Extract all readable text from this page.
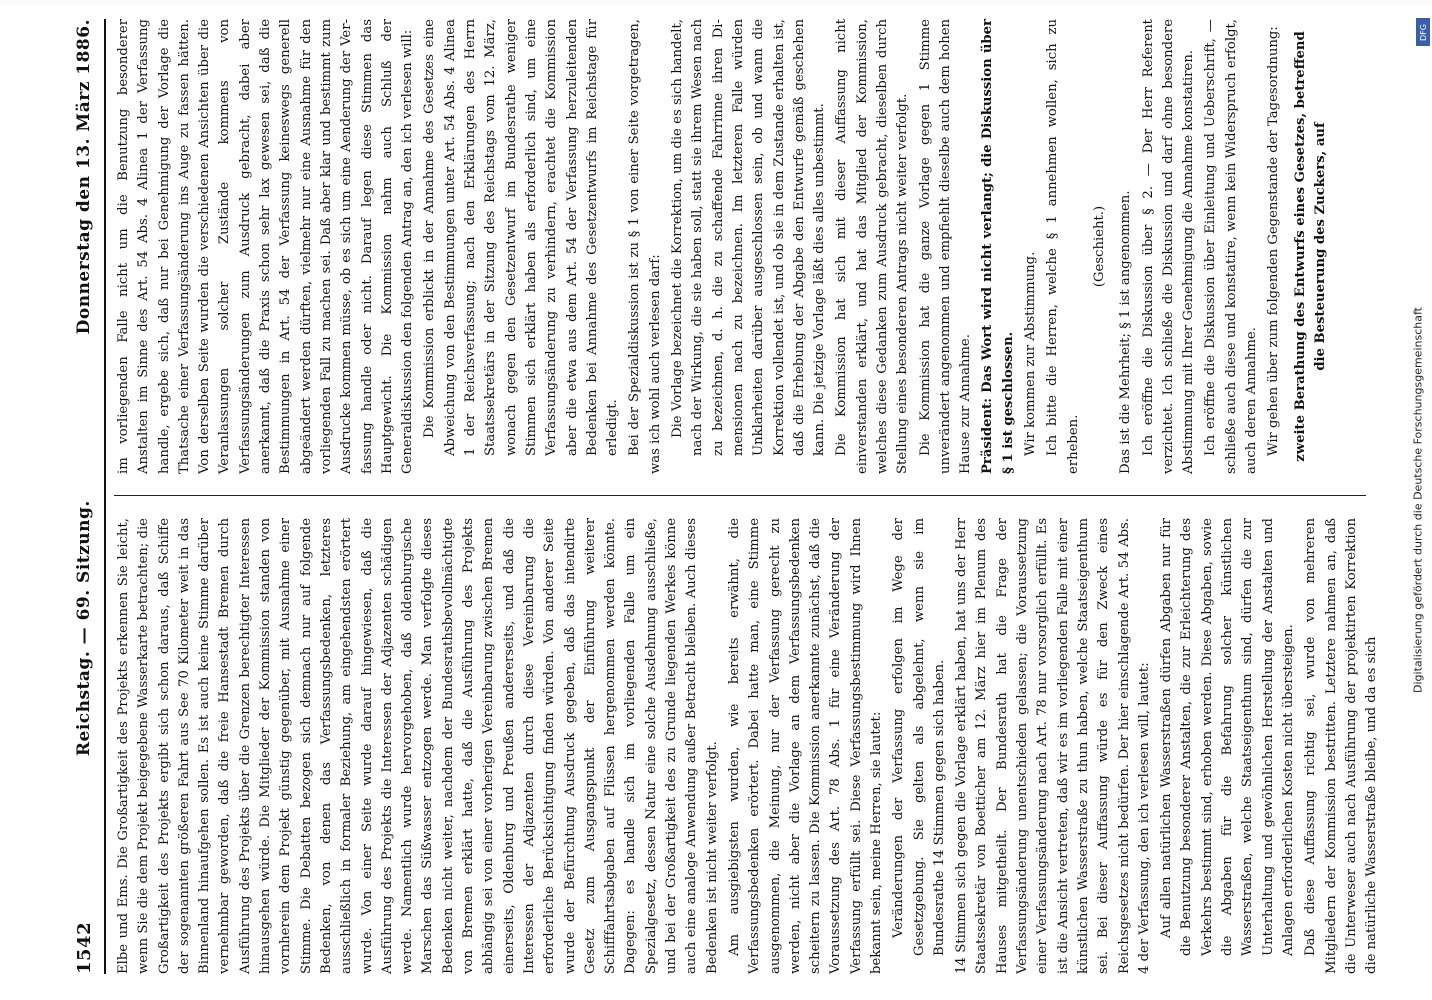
1542
Reichstag. — 69. Sitzung.
Donnerstag den 13. März 1886.

Elbe und Ems. Die Großartigkeit des Projekts erkennen Sie leicht, wenn Sie die dem Projekt beigegebene Wasserkarte betrachten; die Großartigkeit des Projekts ergibt sich schon daraus, daß Schiffe der sogenannten größeren Fahrt aus See 70 Kilometer weit in das Binnenland hinaufgehen sollen. Es ist auch keine Stimme darüber vernehmbar geworden, daß die freie Hansestadt Bremen durch Ausführung des Projekts über die Grenzen berechtigter Interessen hinausgehen würde. Die Mitglieder der Kommission standen von vornherein dem Projekt günstig gegenüber, mit Ausnahme einer Stimme. Die Debatten bezogen sich demnach nur auf folgende Bedenken, von denen das Verfassungsbedenken, letzteres ausschließlich in formaler Beziehung, am eingehendsten erörtert wurde. Von einer Seite wurde darauf hingewiesen, daß die Ausführung des Projekts die Interessen der Adjazenten schädigen werde. Namentlich wurde hervorgehoben, daß oldenburgische Marschen das Süßwasser entzogen werde. Man verfolgte dieses Bedenken nicht weiter, nachdem der Bundesrathsbevollmächtigte von Bremen erklärt hatte, daß die Ausführung des Projekts abhängig sei von einer vorherigen Vereinbarung zwischen Bremen einerseits, Oldenburg und Preußen andererseits, und daß die Interessen der Adjazenten durch diese Vereinbarung die erforderliche Berücksichtigung finden würden. Von anderer Seite wurde der Befürchtung Ausdruck gegeben, daß das intendirte Gesetz zum Ausgangspunkt der Einführung weiterer Schifffahrtsabgaben auf Flüssen hergenommen werden könnte. Dagegen: es handle sich im vorliegenden Falle um ein Spezialgesetz, dessen Natur eine solche Ausdehnung ausschließe, und bei der Großartigkeit des zu Grunde liegenden Werkes könne auch eine analoge Anwendung außer Betracht bleiben. Auch dieses Bedenken ist nicht weiter verfolgt. Am ausgiebigsten wurden, wie bereits erwähnt, die Verfassungsbedenken erörtert. Dabei hatte man, eine Stimme ausgenommen, die Meinung, nur der Verfassung gerecht zu werden, nicht aber die Vorlage an dem Verfassungsbedenken scheitern zu lassen. Die Kommission anerkannte zunächst, daß die Voraussetzung des Art. 78 Abs. 1 für eine Veränderung der Verfassung erfüllt sei. Diese Verfassungsbestimmung wird Ihnen bekannt sein, meine Herren, sie lautet: Veränderungen der Verfassung erfolgen im Wege der Gesetzgebung. Sie gelten als abgelehnt, wenn sie im Bundesrathe 14 Stimmen gegen sich haben. 14 Stimmen sich gegen die Vorlage erklärt haben, hat uns der Herr Staatssekretär von Boetticher am 12. März hier im Plenum des Hauses mitgetheilt. Der Bundesrath hat die Frage der Verfassungsänderung unentschieden gelassen; die Voraussetzung einer Verfassungsänderung nach Art. 78 nur vorsorglich erfüllt. Es ist die Ansicht vertreten, daß wir es im vorliegenden Falle mit einer künstlichen Wasserstraße zu thun haben, welche Staatseigenthum sei. Bei dieser Auffassung würde es für den Zweck eines Reichsgesetzes nicht bedürfen. Der hier einschlagende Art. 54 Abs. 4 der Verfassung, den ich verlesen will, lautet: Auf allen natürlichen Wasserstraßen dürfen Abgaben nur für die Benutzung besonderer Anstalten, die zur Erleichterung des Verkehrs bestimmt sind, erhoben werden. Diese Abgaben, sowie die Abgaben für die Befahrung solcher künstlichen Wasserstraßen, welche Staatseigenthum sind, dürfen die zur Unterhaltung und gewöhnlichen Herstellung der Anstalten und Anlagen erforderlichen Kosten nicht übersteigen. Daß diese Auffassung richtig sei, wurde von mehreren Mitgliedern der Kommission bestritten. Letztere nahmen an, daß die Unterweser auch nach Ausführung der projektirten Korrektion die natürliche Wasserstraße bleibe, und da es sich

im vorliegenden Falle nicht um die Benutzung besonderer Anstalten im Sinne des Art. 54 Abs. 4 Alinea 1 der Verfassung handle, ergebe sich, daß nur bei Genehmigung der Vorlage die Thatsache einer Verfassungsänderung ins Auge zu fassen hätten. Von derselben Seite wurden die verschiedenen Ansichten über die Veranlassungen solcher Zustände kommens von Verfassungsänderungen zum Ausdruck gebracht, dabei aber anerkannt, daß die Praxis schon sehr lax gewesen sei, daß die Bestimmungen in Art. 54 der Verfassung keineswegs generell abgeändert werden dürften, vielmehr nur eine Ausnahme für den vorliegenden Fall zu machen sei. Daß aber klar und bestimmt zum Ausdrucke kommen müsse, ob es sich um eine Aenderung der Verfassung handle oder nicht. Darauf legen diese Stimmen das Hauptgewicht. Die Kommission nahm auch Schluß der Generaldiskussion den folgenden Antrag an, den ich verlesen will: Die Kommission erblickt in der Annahme des Gesetzes eine Abweichung von den Bestimmungen unter Art. 54 Abs. 4 Alinea 1 der Reichsverfassung; nach den Erklärungen des Herrn Staatssekretärs in der Sitzung des Reichstags vom 12. März, wonach gegen den Gesetzentwurf im Bundesrathe weniger Stimmen sich erklärt haben als erforderlich sind, um eine Verfassungsänderung zu verhindern, erachtet die Kommission aber die etwa aus dem Art. 54 der Verfassung herzuleitenden Bedenken bei Annahme des Gesetzentwurfs im Reichstage für erledigt. Bei der Spezialdiskussion ist zu § 1 von einer Seite vorgetragen, was ich wohl auch verlesen darf: Die Vorlage bezeichnet die Korrektion, um die es sich handelt, nach der Wirkung, die sie haben soll, statt sie ihrem Wesen nach zu bezeichnen, d. h. die zu schaffende Fahrrinne ihren Dimensionen nach zu bezeichnen. Im letzteren Falle würden Unklarheiten darüber ausgeschlossen sein, ob und wann die Korrektion vollendet ist, und ob sie in dem Zustande erhalten ist, daß die Erhebung der Abgabe den Entwurfe gemäß geschehen kann. Die jetzige Vorlage läßt dies alles unbestimmt. Die Kommission hat sich mit dieser Auffassung nicht einverstanden erklärt, und hat das Mitglied der Kommission, welches diese Gedanken zum Ausdruck gebracht, dieselben durch Stellung eines besonderen Antrags nicht weiter verfolgt. Die Kommission hat die ganze Vorlage gegen 1 Stimme unverändert angenommen und empfiehlt dieselbe auch dem hohen Hause zur Annahme. Präsident: Das Wort wird nicht verlangt; die Diskussion über § 1 ist geschlossen. Wir kommen zur Abstimmung. Ich bitte die Herren, welche § 1 annehmen wollen, sich zu erheben.

(Geschieht.) Das ist die Mehrheit; § 1 ist angenommen. Ich eröffne die Diskussion über § 2. — Der Herr Referent verzichtet. Ich schließe die Diskussion und darf ohne besondere Abstimmung mit Ihrer Genehmigung die Annahme konstatiren. Ich eröffne die Diskussion über Einleitung und Ueberschrift, — schließe auch diese und konstatire, wenn kein Widerspruch erfolgt, auch deren Annahme. Wir gehen über zum folgenden Gegenstande der Tagesordnung: zweite Berathung des Entwurfs eines Gesetzes, betreffend die Besteuerung des Zuckers, auf

Digitalisierung gefördert durch die Deutsche Forschungsgemeinschaft
DFG
